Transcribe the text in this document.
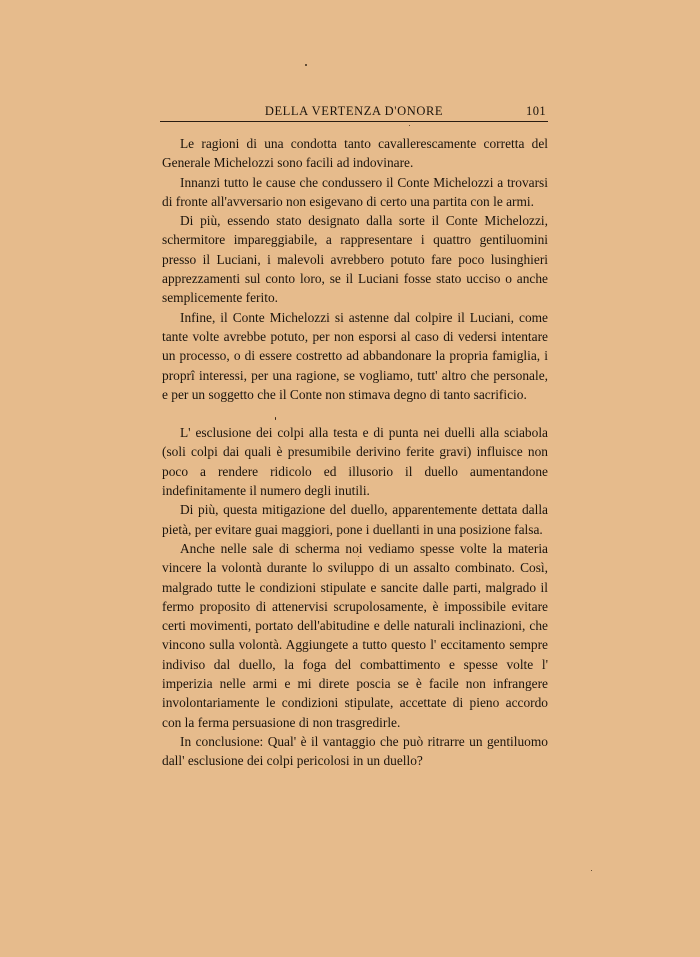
DELLA VERTENZA D'ONORE	101

Le ragioni di una condotta tanto cavallerescamente corretta del Generale Michelozzi sono facili ad indovinare.

Innanzi tutto le cause che condussero il Conte Michelozzi a trovarsi di fronte all'avversario non esigevano di certo una partita con le armi.

Di più, essendo stato designato dalla sorte il Conte Michelozzi, schermitore impareggiabile, a rappresentare i quattro gentiluomini presso il Luciani, i malevoli avrebbero potuto fare poco lusinghieri apprezzamenti sul conto loro, se il Luciani fosse stato ucciso o anche semplicemente ferito.

Infine, il Conte Michelozzi si astenne dal colpire il Luciani, come tante volte avrebbe potuto, per non esporsi al caso di vedersi intentare un processo, o di essere costretto ad abbandonare la propria famiglia, i proprî interessi, per una ragione, se vogliamo, tutt' altro che personale, e per un soggetto che il Conte non stimava degno di tanto sacrificio.

L' esclusione dei colpi alla testa e di punta nei duelli alla sciabola (soli colpi dai quali è presumibile derivino ferite gravi) influisce non poco a rendere ridicolo ed illusorio il duello aumentandone indefinitamente il numero degli inutili.

Di più, questa mitigazione del duello, apparentemente dettata dalla pietà, per evitare guai maggiori, pone i duellanti in una posizione falsa.

Anche nelle sale di scherma noi vediamo spesse volte la materia vincere la volontà durante lo sviluppo di un assalto combinato. Così, malgrado tutte le condizioni stipulate e sancite dalle parti, malgrado il fermo proposito di attenervisi scrupolosamente, è impossibile evitare certi movimenti, portato dell'abitudine e delle naturali inclinazioni, che vincono sulla volontà. Aggiungete a tutto questo l' eccitamento sempre indiviso dal duello, la foga del combattimento e spesse volte l' imperizia nelle armi e mi direte poscia se è facile non infrangere involontariamente le condizioni stipulate, accettate di pieno accordo con la ferma persuasione di non trasgredirle.

In conclusione: Qual' è il vantaggio che può ritrarre un gentiluomo dall' esclusione dei colpi pericolosi in un duello?
